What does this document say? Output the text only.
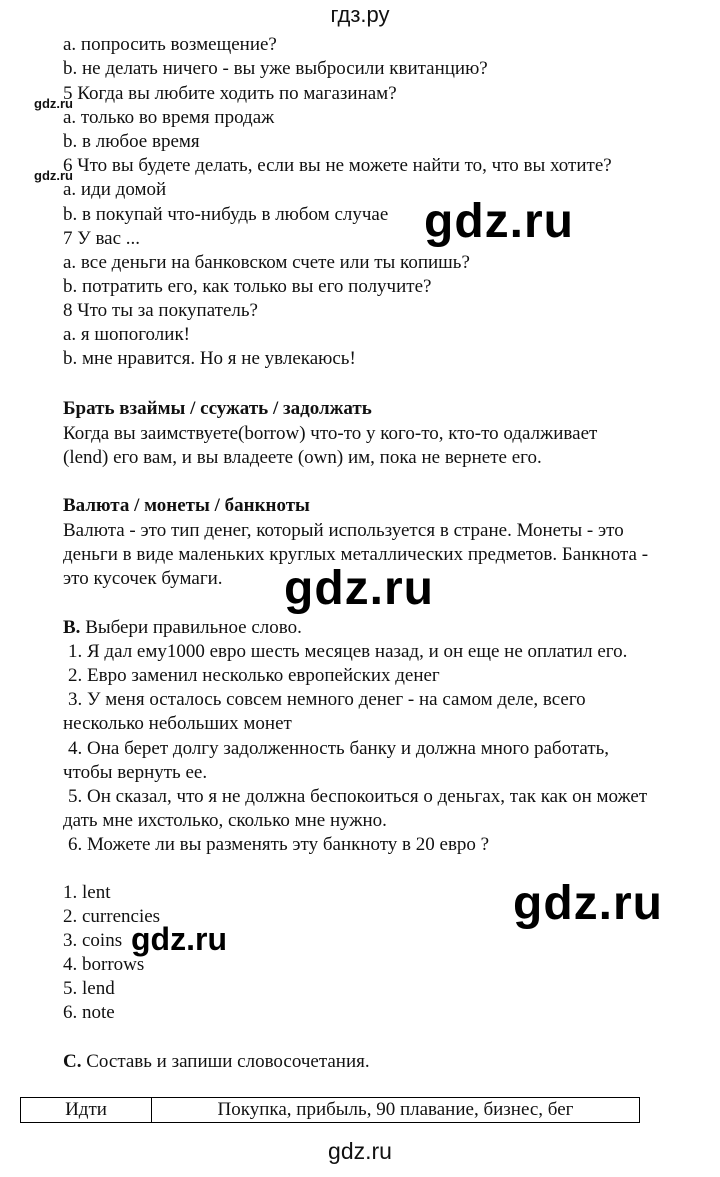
гдз.ру
a. попросить возмещение?
b. не делать ничего - вы уже выбросили квитанцию?
5 Когда вы любите ходить по магазинам?
a. только во время продаж
b. в любое время
6 Что вы будете делать, если вы не можете найти то, что вы хотите?
a. иди домой
b. в покупай что-нибудь в любом случае
7 У вас ...
a. все деньги на банковском счете или ты копишь?
b. потратить его, как только вы его получите?
8 Что ты за покупатель?
a. я шопоголик!
b. мне нравится. Но я не увлекаюсь!
Брать взаймы / ссужать / задолжать
Когда вы заимствуете(borrow) что-то у кого-то, кто-то одалживает
(lend) его вам, и вы владеете (own) им, пока не вернете его.
Валюта / монеты / банкноты
Валюта - это тип денег, который используется в стране. Монеты - это
деньги в виде маленьких круглых металлических предметов. Банкнота -
это кусочек бумаги.
B. Выбери правильное слово.
1. Я дал ему1000 евро шесть месяцев назад, и он еще не оплатил его.
2. Евро заменил несколько европейских денег
3. У меня осталось совсем немного денег - на самом деле, всего
несколько небольших монет
4. Она берет долгу задолженность банку и должна много работать,
чтобы вернуть ее.
5. Он сказал, что я не должна беспокоиться о деньгах, так как он может
дать мне ихстолько, сколько мне нужно.
6. Можете ли вы разменять эту банкноту в 20 евро ?
1. lent
2. currencies
3. coins
4. borrows
5. lend
6. note
C. Составь и запиши словосочетания.
Идти	Покупка, прибыль, 90 плавание, бизнес, бег
gdz.ru
gdz.ru
gdz.ru
gdz.ru
gdz.ru
gdz.ru
gdz.ru
